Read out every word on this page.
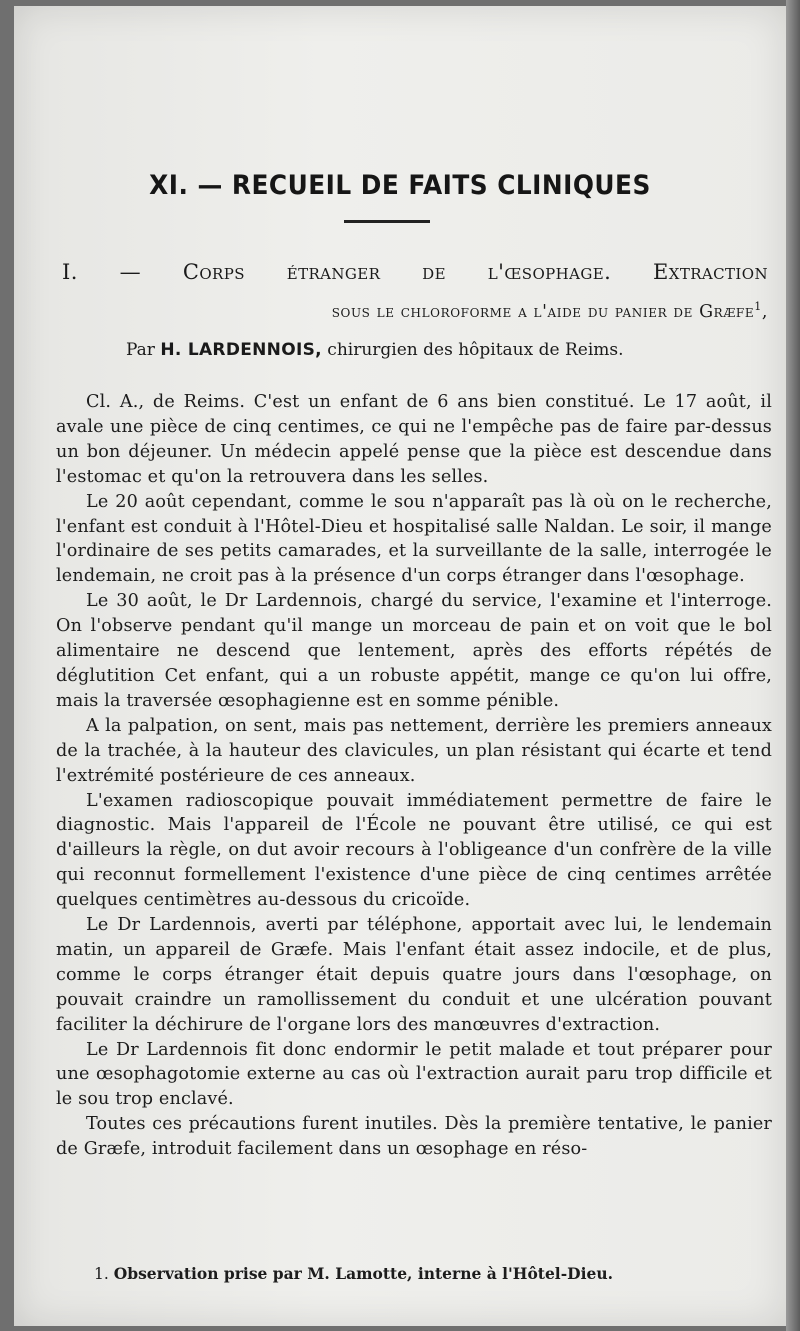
XI. — RECUEIL DE FAITS CLINIQUES
I. — Corps étranger de l'œsophage. Extraction
sous le chloroforme a l'aide du panier de Græfe$^1$,
Par H. LARDENNOIS, chirurgien des hôpitaux de Reims.

Cl. A., de Reims. C'est un enfant de 6 ans bien constitué. Le 17 août, il avale une pièce de cinq centimes, ce qui ne l'empêche pas de faire par-dessus un bon déjeuner. Un médecin appelé pense que la pièce est descendue dans l'estomac et qu'on la retrouvera dans les selles.

Le 20 août cependant, comme le sou n'apparaît pas là où on le recherche, l'enfant est conduit à l'Hôtel-Dieu et hospitalisé salle Naldan. Le soir, il mange l'ordinaire de ses petits camarades, et la surveillante de la salle, interrogée le lendemain, ne croit pas à la présence d'un corps étranger dans l'œsophage.

Le 30 août, le Dr Lardennois, chargé du service, l'examine et l'interroge. On l'observe pendant qu'il mange un morceau de pain et on voit que le bol alimentaire ne descend que lentement, après des efforts répétés de déglutition Cet enfant, qui a un robuste appétit, mange ce qu'on lui offre, mais la traversée œsophagienne est en somme pénible.

A la palpation, on sent, mais pas nettement, derrière les premiers anneaux de la trachée, à la hauteur des clavicules, un plan résistant qui écarte et tend l'extrémité postérieure de ces anneaux.

L'examen radioscopique pouvait immédiatement permettre de faire le diagnostic. Mais l'appareil de l'École ne pouvant être utilisé, ce qui est d'ailleurs la règle, on dut avoir recours à l'obligeance d'un confrère de la ville qui reconnut formellement l'existence d'une pièce de cinq centimes arrêtée quelques centimètres au-dessous du cricoïde.

Le Dr Lardennois, averti par téléphone, apportait avec lui, le lendemain matin, un appareil de Græfe. Mais l'enfant était assez indocile, et de plus, comme le corps étranger était depuis quatre jours dans l'œsophage, on pouvait craindre un ramollissement du conduit et une ulcération pouvant faciliter la déchirure de l'organe lors des manœuvres d'extraction.

Le Dr Lardennois fit donc endormir le petit malade et tout préparer pour une œsophagotomie externe au cas où l'extraction aurait paru trop difficile et le sou trop enclavé.

Toutes ces précautions furent inutiles. Dès la première tentative, le panier de Græfe, introduit facilement dans un œsophage en réso-

1. Observation prise par M. Lamotte, interne à l'Hôtel-Dieu.
